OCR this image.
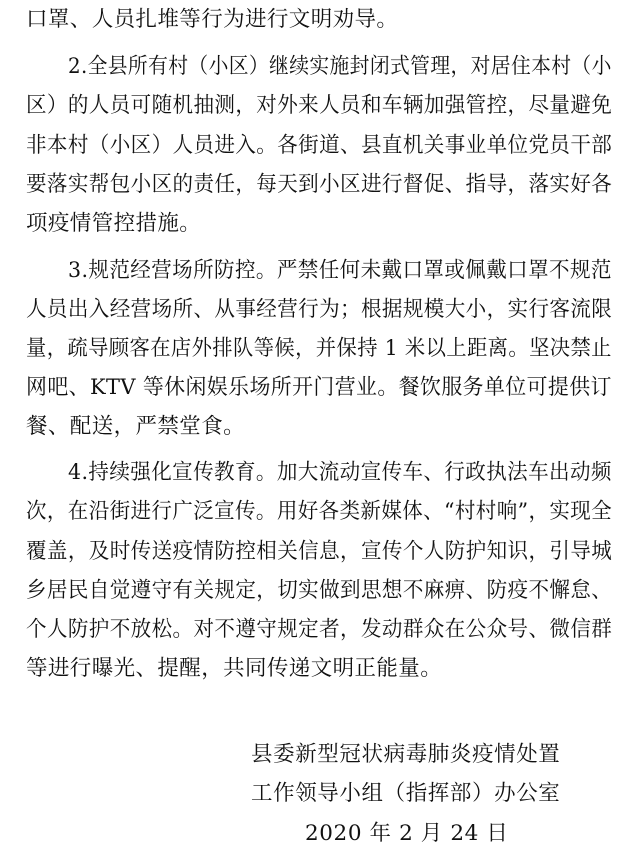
口罩、人员扎堆等行为进行文明劝导。
2.全县所有村（小区）继续实施封闭式管理，对居住本村（小
区）的人员可随机抽测，对外来人员和车辆加强管控，尽量避免
非本村（小区）人员进入。各街道、县直机关事业单位党员干部
要落实帮包小区的责任，每天到小区进行督促、指导，落实好各
项疫情管控措施。
3.规范经营场所防控。严禁任何未戴口罩或佩戴口罩不规范
人员出入经营场所、从事经营行为；根据规模大小，实行客流限
量，疏导顾客在店外排队等候，并保持 1 米以上距离。坚决禁止
网吧、KTV 等休闲娱乐场所开门营业。餐饮服务单位可提供订
餐、配送，严禁堂食。
4.持续强化宣传教育。加大流动宣传车、行政执法车出动频
次，在沿街进行广泛宣传。用好各类新媒体、“村村响”，实现全
覆盖，及时传送疫情防控相关信息，宣传个人防护知识，引导城
乡居民自觉遵守有关规定，切实做到思想不麻痹、防疫不懈怠、
个人防护不放松。对不遵守规定者，发动群众在公众号、微信群
等进行曝光、提醒，共同传递文明正能量。
县委新型冠状病毒肺炎疫情处置
工作领导小组（指挥部）办公室
2020 年 2 月 24 日
